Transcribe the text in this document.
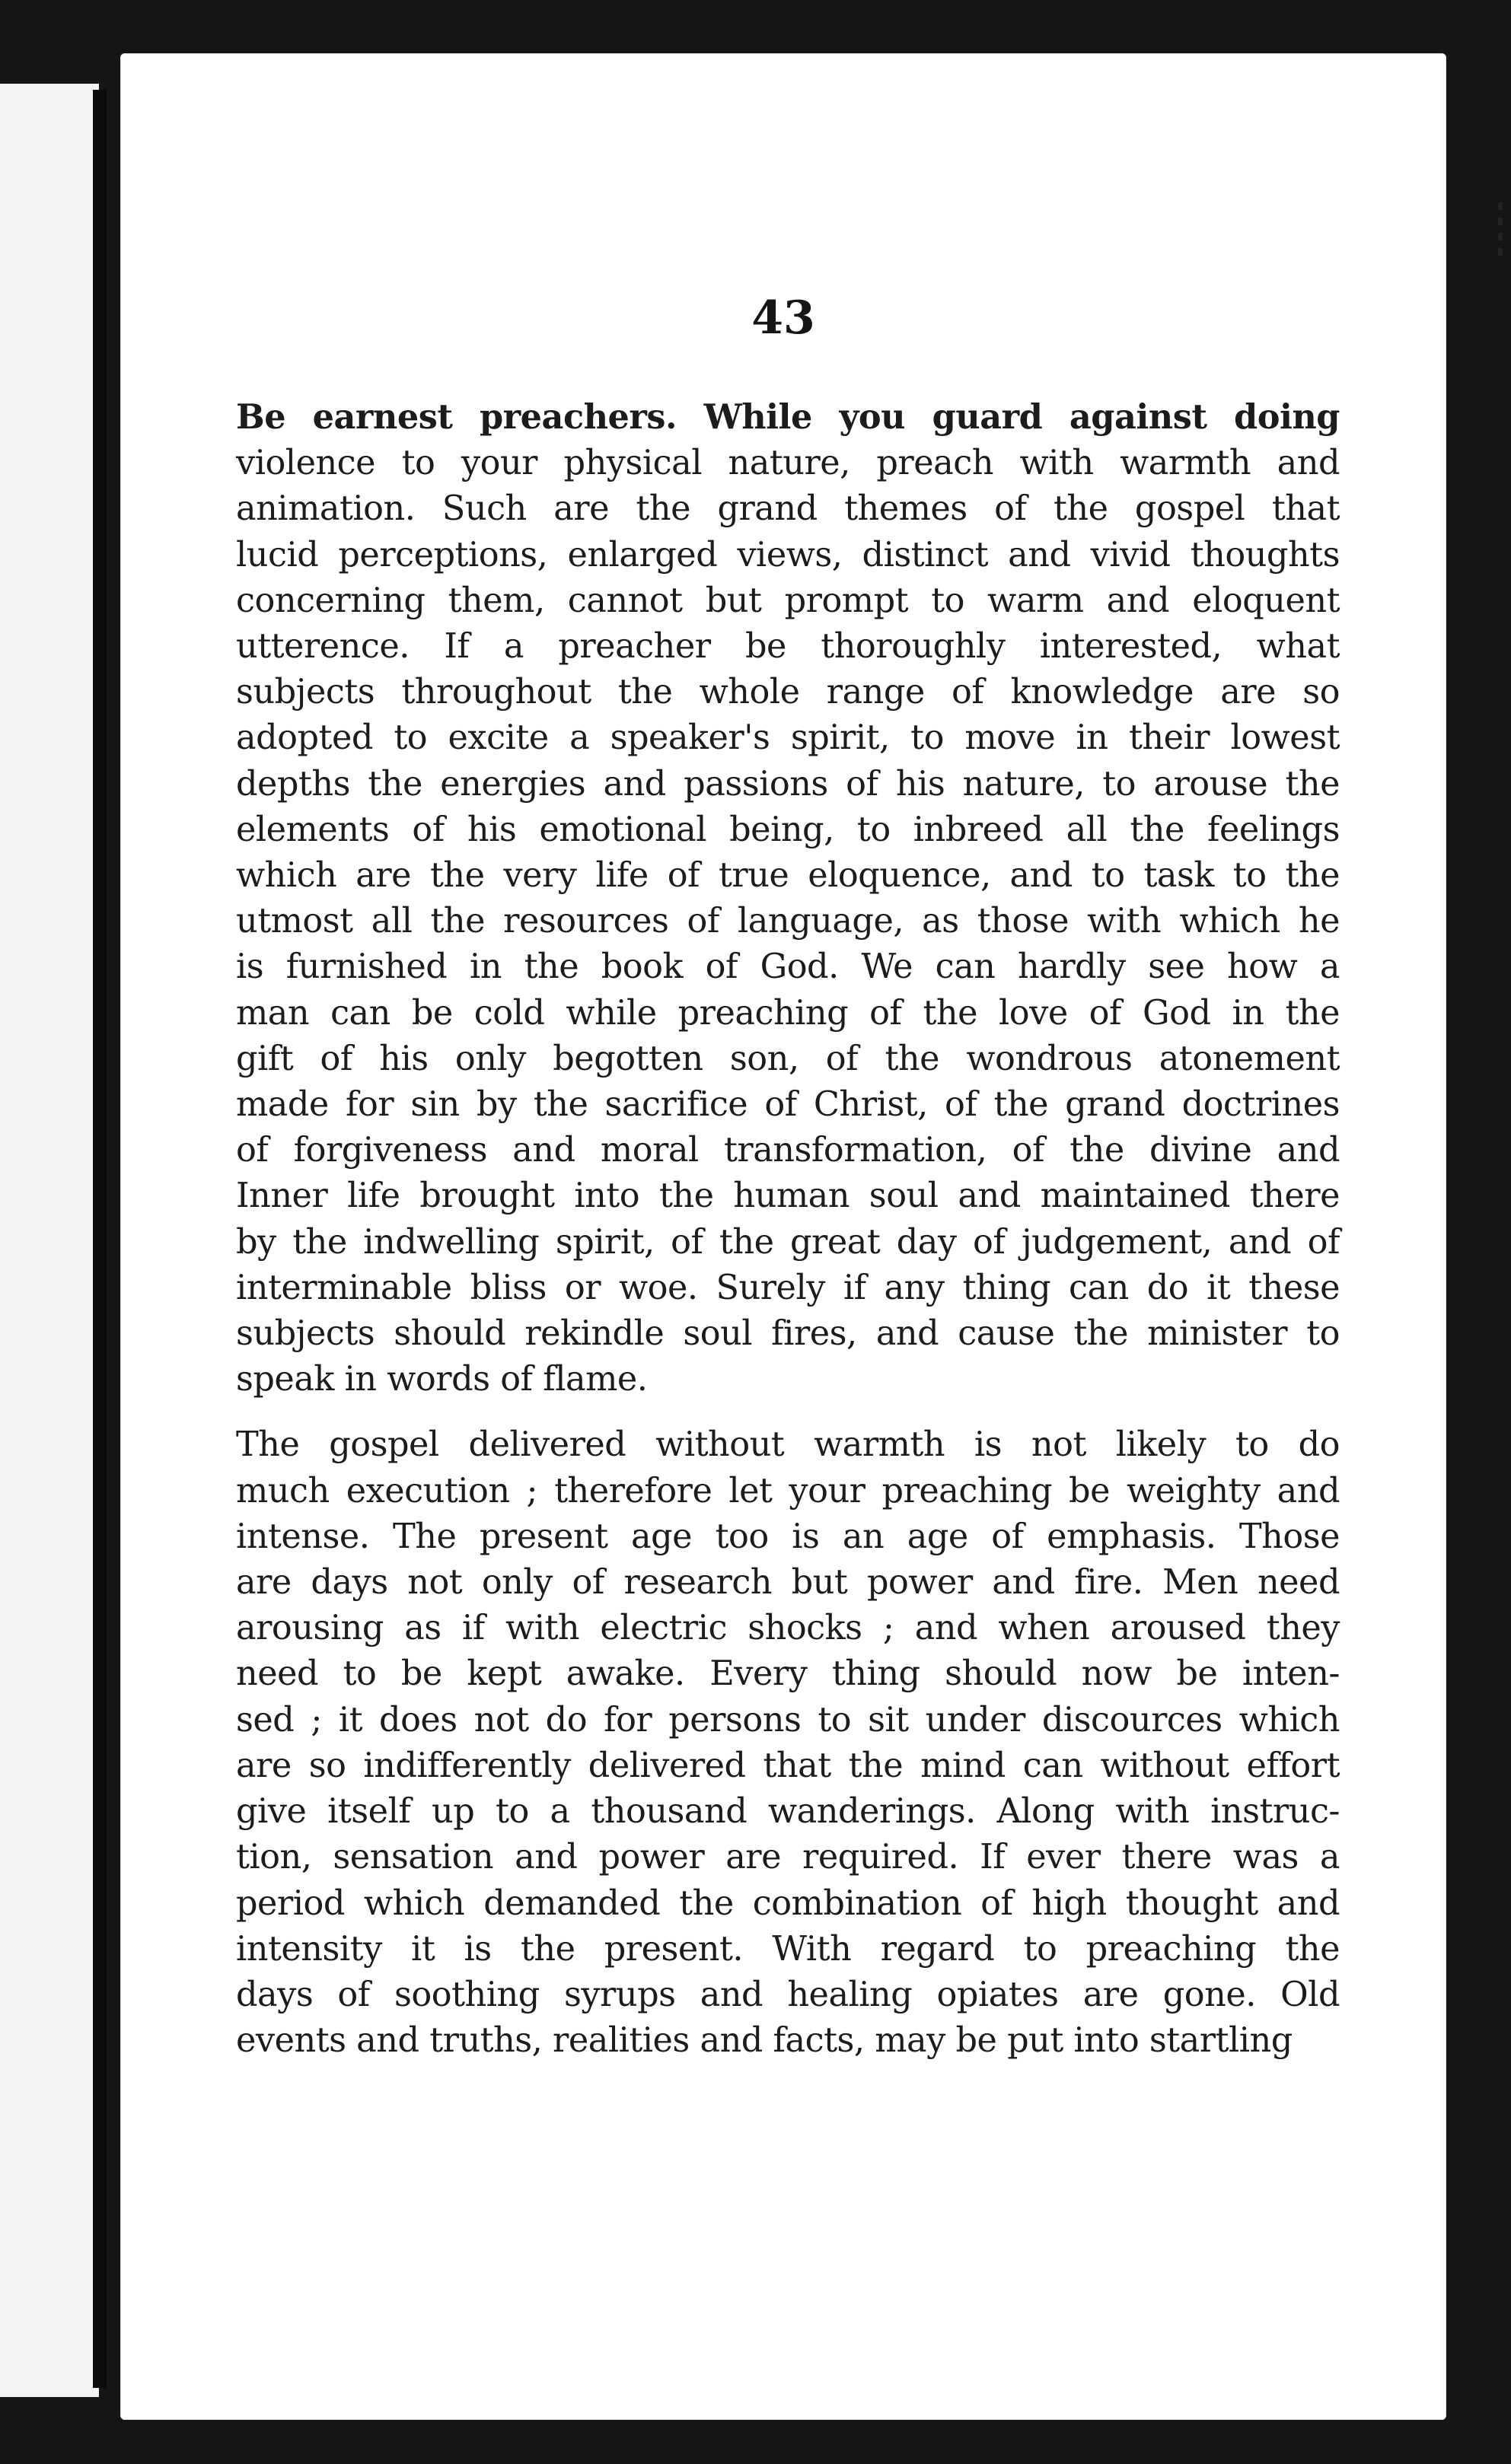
43

Be earnest preachers. While you guard against doing
violence to your physical nature, preach with warmth and
animation. Such are the grand themes of the gospel that
lucid perceptions, enlarged views, distinct and vivid thoughts
concerning them, cannot but prompt to warm and eloquent
utterence. If a preacher be thoroughly interested, what
subjects throughout the whole range of knowledge are so
adopted to excite a speaker's spirit, to move in their lowest
depths the energies and passions of his nature, to arouse the
elements of his emotional being, to inbreed all the feelings
which are the very life of true eloquence, and to task to the
utmost all the resources of language, as those with which he
is furnished in the book of God. We can hardly see how a
man can be cold while preaching of the love of God in the
gift of his only begotten son, of the wondrous atonement
made for sin by the sacrifice of Christ, of the grand doctrines
of forgiveness and moral transformation, of the divine and
Inner life brought into the human soul and maintained there
by the indwelling spirit, of the great day of judgement, and of
interminable bliss or woe. Surely if any thing can do it these
subjects should rekindle soul fires, and cause the minister to
speak in words of flame.

The gospel delivered without warmth is not likely to do
much execution ; therefore let your preaching be weighty and
intense. The present age too is an age of emphasis. Those
are days not only of research but power and fire. Men need
arousing as if with electric shocks ; and when aroused they
need to be kept awake. Every thing should now be inten-
sed ; it does not do for persons to sit under discources which
are so indifferently delivered that the mind can without effort
give itself up to a thousand wanderings. Along with instruc-
tion, sensation and power are required. If ever there was a
period which demanded the combination of high thought and
intensity it is the present. With regard to preaching the
days of soothing syrups and healing opiates are gone. Old
events and truths, realities and facts, may be put into startling
